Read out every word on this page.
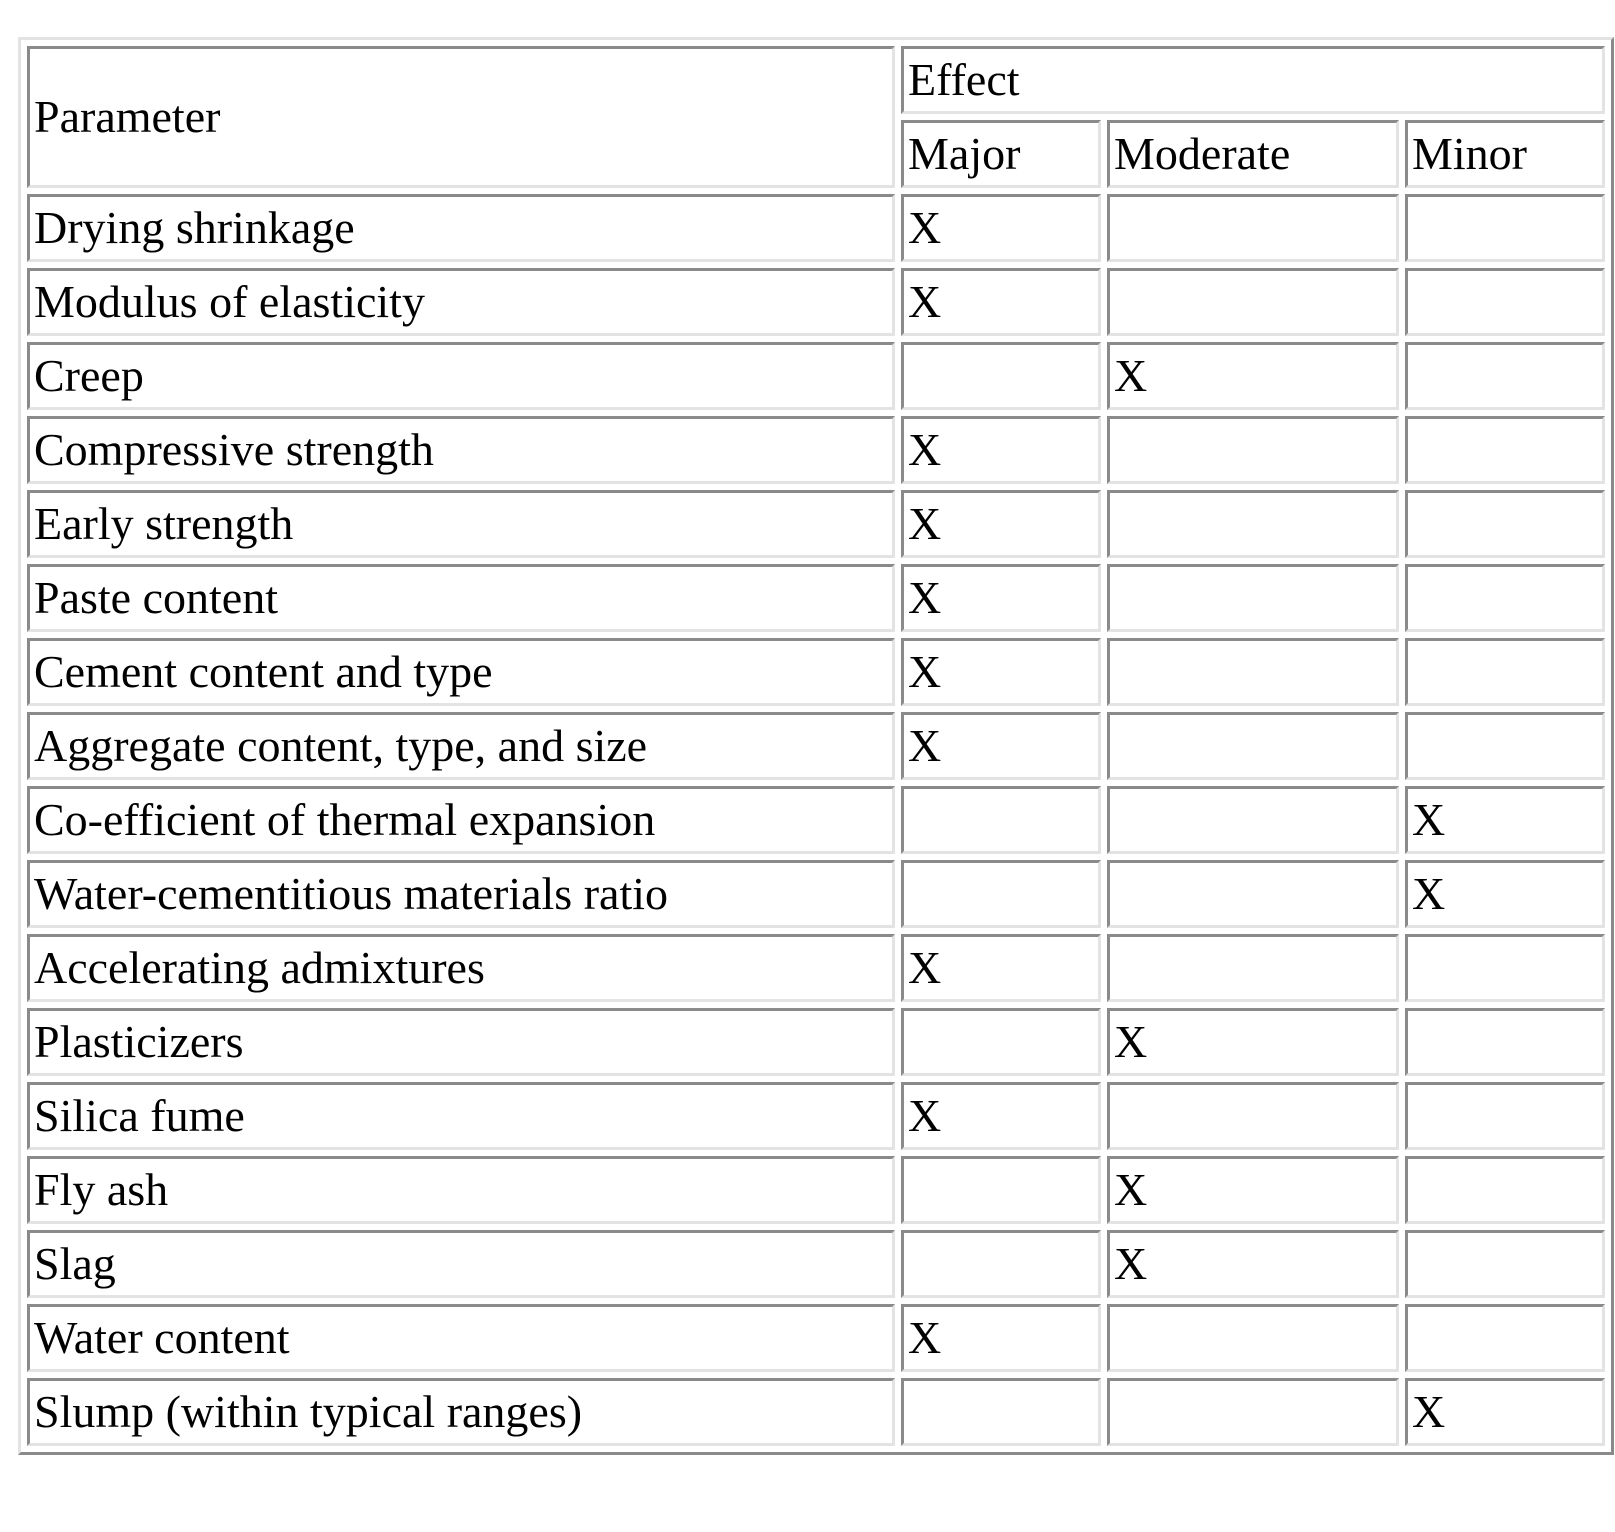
Parameter	Effect		
	Major	Moderate	Minor
Drying shrinkage	X		
Modulus of elasticity	X		
Creep		X	
Compressive strength	X		
Early strength	X		
Paste content	X		
Cement content and type	X		
Aggregate content, type, and size	X		
Co-efficient of thermal expansion			X
Water-cementitious materials ratio			X
Accelerating admixtures	X		
Plasticizers		X	
Silica fume	X		
Fly ash		X	
Slag		X	
Water content	X		
Slump (within typical ranges)			X
